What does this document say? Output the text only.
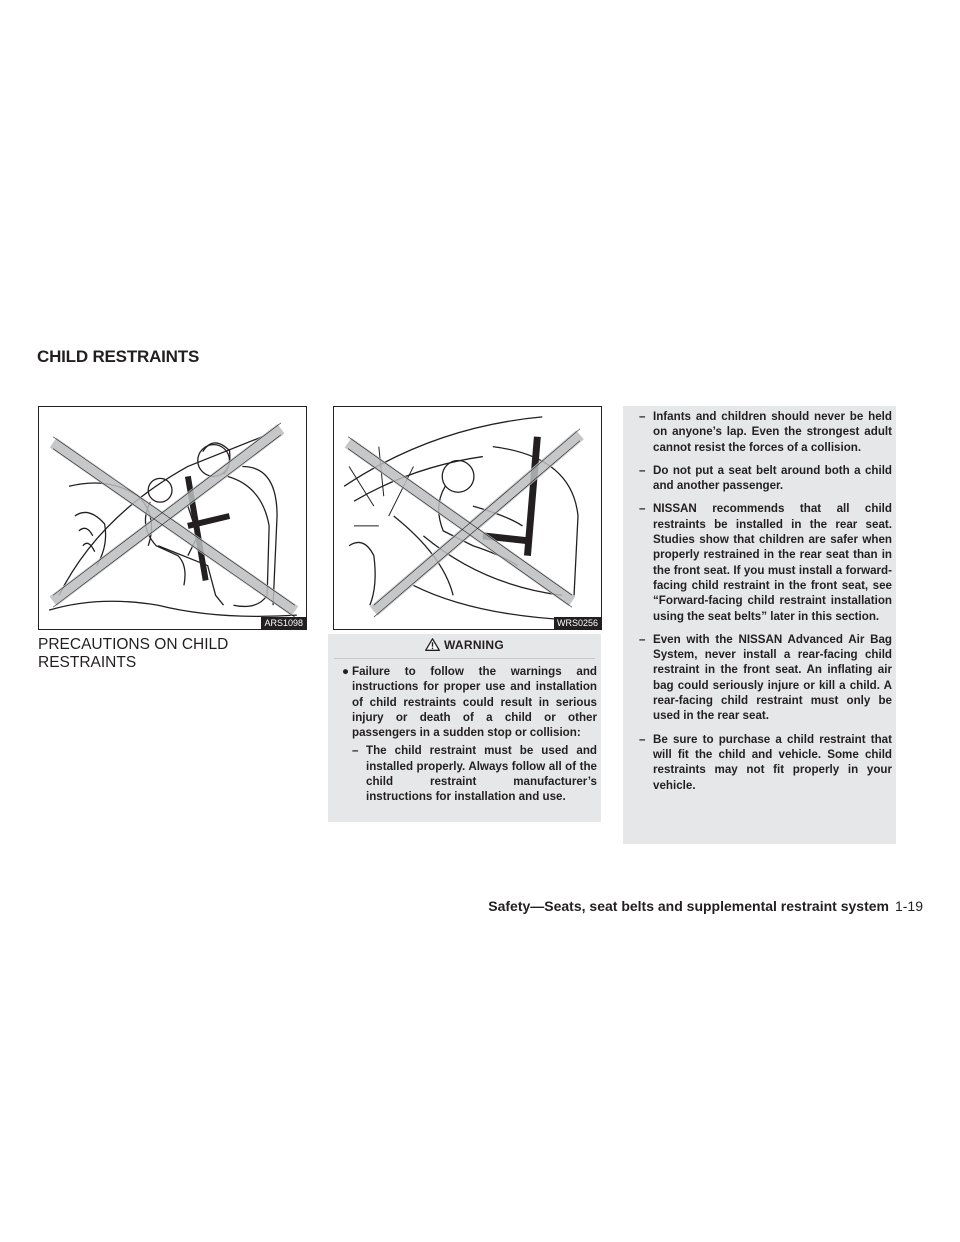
CHILD RESTRAINTS
ARS1098	WRS0256
PRECAUTIONS ON CHILD RESTRAINTS
WARNING
● Failure to follow the warnings and instructions for proper use and installation of child restraints could result in serious injury or death of a child or other passengers in a sudden stop or collision:
– The child restraint must be used and installed properly. Always follow all of the child restraint manufacturer’s instructions for installation and use.
– Infants and children should never be held on anyone’s lap. Even the strongest adult cannot resist the forces of a collision.
– Do not put a seat belt around both a child and another passenger.
– NISSAN recommends that all child restraints be installed in the rear seat. Studies show that children are safer when properly restrained in the rear seat than in the front seat. If you must install a forward-facing child restraint in the front seat, see “Forward-facing child restraint installation using the seat belts” later in this section.
– Even with the NISSAN Advanced Air Bag System, never install a rear-facing child restraint in the front seat. An inflating air bag could seriously injure or kill a child. A rear-facing child restraint must only be used in the rear seat.
– Be sure to purchase a child restraint that will fit the child and vehicle. Some child restraints may not fit properly in your vehicle.
Safety—Seats, seat belts and supplemental restraint system 1-19
